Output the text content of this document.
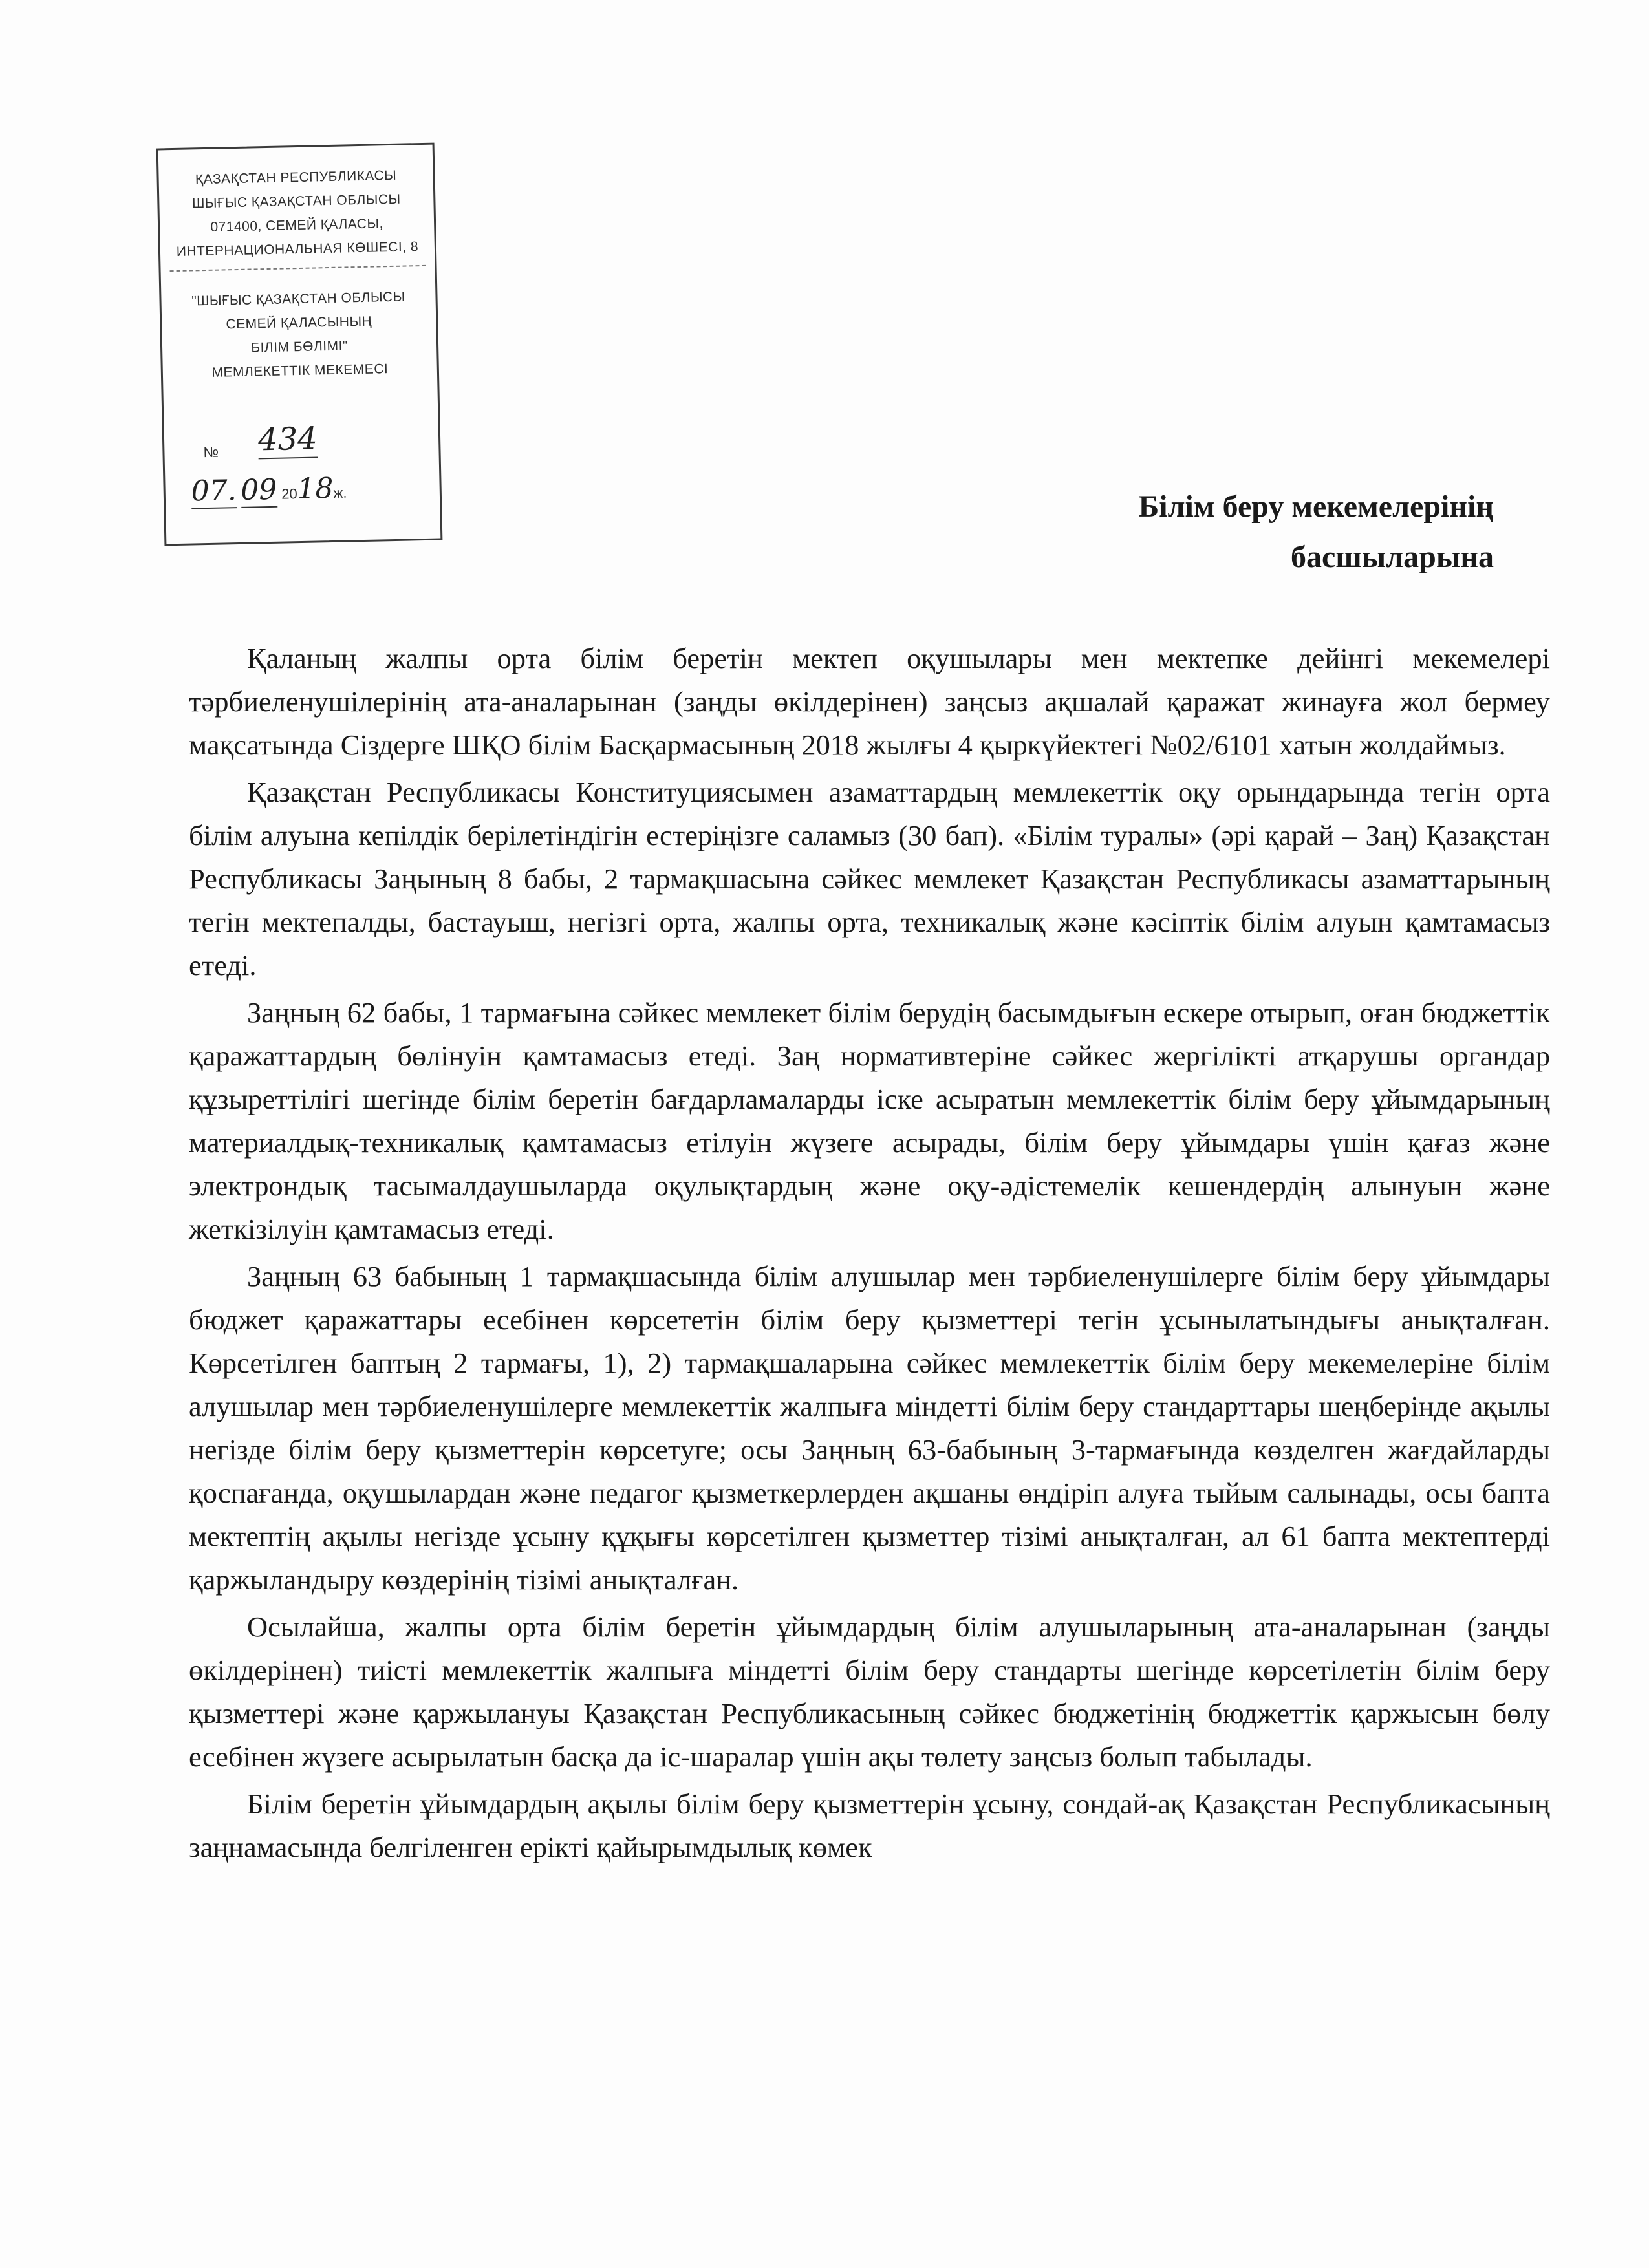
ҚАЗАҚСТАН РЕСПУБЛИКАСЫ
ШЫҒЫС ҚАЗАҚСТАН ОБЛЫСЫ
071400, СЕМЕЙ ҚАЛАСЫ,
ИНТЕРНАЦИОНАЛЬНАЯ КӨШЕСІ, 8
"ШЫҒЫС ҚАЗАҚСТАН ОБЛЫСЫ
СЕМЕЙ ҚАЛАСЫНЫҢ
БІЛІМ БӨЛІМІ"
МЕМЛЕКЕТТІК МЕКЕМЕСІ
№ 434
07. 09 2018ж.	Білім беру мекемелерінің
басшыларына

Қаланың жалпы орта білім беретін мектеп оқушылары мен мектепке дейінгі мекемелері тәрбиеленушілерінің ата-аналарынан (заңды өкілдерінен) заңсыз ақшалай қаражат жинауға жол бермеу мақсатында Сіздерге ШҚО білім Басқармасының 2018 жылғы 4 қыркүйектегі №02/6101 хатын жолдаймыз.

Қазақстан Республикасы Конституциясымен азаматтардың мемлекеттік оқу орындарында тегін орта білім алуына кепілдік берілетіндігін естеріңізге саламыз (30 бап). «Білім туралы» (әрі қарай – Заң) Қазақстан Республикасы Заңының 8 бабы, 2 тармақшасына сәйкес мемлекет Қазақстан Республикасы азаматтарының тегін мектепалды, бастауыш, негізгі орта, жалпы орта, техникалық және кәсіптік білім алуын қамтамасыз етеді.

Заңның 62 бабы, 1 тармағына сәйкес мемлекет білім берудің басымдығын ескере отырып, оған бюджеттік қаражаттардың бөлінуін қамтамасыз етеді. Заң нормативтеріне сәйкес жергілікті атқарушы органдар құзыреттілігі шегінде білім беретін бағдарламаларды іске асыратын мемлекеттік білім беру ұйымдарының материалдық-техникалық қамтамасыз етілуін жүзеге асырады, білім беру ұйымдары үшін қағаз және электрондық тасымалдаушыларда оқулықтардың және оқу-әдістемелік кешендердің алынуын және жеткізілуін қамтамасыз етеді.

Заңның 63 бабының 1 тармақшасында білім алушылар мен тәрбиеленушілерге білім беру ұйымдары бюджет қаражаттары есебінен көрсететін білім беру қызметтері тегін ұсынылатындығы анықталған. Көрсетілген баптың 2 тармағы, 1), 2) тармақшаларына сәйкес мемлекеттік білім беру мекемелеріне білім алушылар мен тәрбиеленушілерге мемлекеттік жалпыға міндетті білім беру стандарттары шеңберінде ақылы негізде білім беру қызметтерін көрсетуге; осы Заңның 63-бабының 3-тармағында көзделген жағдайларды қоспағанда, оқушылардан және педагог қызметкерлерден ақшаны өндіріп алуға тыйым салынады, осы бапта мектептің ақылы негізде ұсыну құқығы көрсетілген қызметтер тізімі анықталған, ал 61 бапта мектептерді қаржыландыру көздерінің тізімі анықталған.

Осылайша, жалпы орта білім беретін ұйымдардың білім алушыларының ата-аналарынан (заңды өкілдерінен) тиісті мемлекеттік жалпыға міндетті білім беру стандарты шегінде көрсетілетін білім беру қызметтері және қаржылануы Қазақстан Республикасының сәйкес бюджетінің бюджеттік қаржысын бөлу есебінен жүзеге асырылатын басқа да іс-шаралар үшін ақы төлету заңсыз болып табылады.

Білім беретін ұйымдардың ақылы білім беру қызметтерін ұсыну, сондай-ақ Қазақстан Республикасының заңнамасында белгіленген ерікті қайырымдылық көмек
